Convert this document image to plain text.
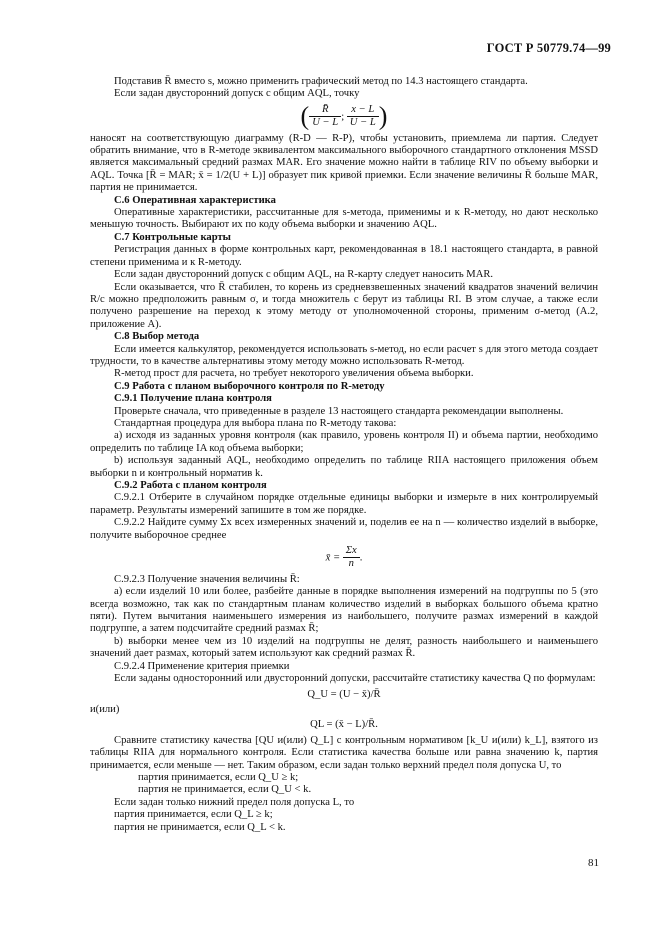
ГОСТ Р 50779.74—99

Подставив R̄ вместо s, можно применить графический метод по 14.3 настоящего стандарта.

Если задан двусторонний допуск с общим AQL, точку

( $\frac{R̄}{U - L}$ ; $\frac{x - L}{U - L}$ )

наносят на соответствующую диаграмму (R-D — R-P), чтобы установить, приемлема ли партия. Следует обратить внимание, что в R-методе эквивалентом максимального выборочного стандартного отклонения MSSD является максимальный средний размах MAR. Его значение можно найти в таблице RIV по объему выборки и AQL. Точка [R̄ = MAR; x̄ = 1/2(U + L)] образует пик кривой приемки. Если значение величины R̄ больше MAR, партия не принимается.

С.6 Оперативная характеристика

Оперативные характеристики, рассчитанные для s-метода, применимы и к R-методу, но дают несколько меньшую точность. Выбирают их по коду объема выборки и значению AQL.

С.7 Контрольные карты

Регистрация данных в форме контрольных карт, рекомендованная в 18.1 настоящего стандарта, в равной степени применима и к R-методу.

Если задан двусторонний допуск с общим AQL, на R-карту следует наносить MAR.

Если оказывается, что R̄ стабилен, то корень из средневзвешенных значений квадратов значений величин R/c можно предположить равным σ, и тогда множитель c берут из таблицы RI. В этом случае, а также если получено разрешение на переход к этому методу от уполномоченной стороны, применим σ-метод (А.2, приложение А).

С.8 Выбор метода

Если имеется калькулятор, рекомендуется использовать s-метод, но если расчет s для этого метода создает трудности, то в качестве альтернативы этому методу можно использовать R-метод.

R-метод прост для расчета, но требует некоторого увеличения объема выборки.

С.9 Работа с планом выборочного контроля по R-методу

С.9.1 Получение плана контроля

Проверьте сначала, что приведенные в разделе 13 настоящего стандарта рекомендации выполнены.

Стандартная процедура для выбора плана по R-методу такова:

а) исходя из заданных уровня контроля (как правило, уровень контроля II) и объема партии, необходимо определить по таблице IA код объема выборки;

b) используя заданный AQL, необходимо определить по таблице RIIA настоящего приложения объем выборки n и контрольный норматив k.

С.9.2 Работа с планом контроля

С.9.2.1 Отберите в случайном порядке отдельные единицы выборки и измерьте в них контролируемый параметр. Результаты измерений запишите в том же порядке.

С.9.2.2 Найдите сумму Σx всех измеренных значений и, поделив ее на n — количество изделий в выборке, получите выборочное среднее

x̄ = $\frac{\Sigma x}{n}$ .

С.9.2.3 Получение значения величины R̄:

а) если изделий 10 или более, разбейте данные в порядке выполнения измерений на подгруппы по 5 (это всегда возможно, так как по стандартным планам количество изделий в выборках большого объема кратно пяти). Путем вычитания наименьшего измерения из наибольшего, получите размах измерений в каждой подгруппе, а затем подсчитайте средний размах R̄;

b) выборки менее чем из 10 изделий на подгруппы не делят, разность наибольшего и наименьшего значений дает размах, который затем используют как средний размах R̄.

С.9.2.4 Применение критерия приемки

Если заданы односторонний или двусторонний допуски, рассчитайте статистику качества Q по формулам:

Q_U = (U − x̄)/R̄

и(или)

QL = (x̄ − L)/R̄.

Сравните статистику качества [QU и(или) Q_L] с контрольным нормативом [k_U и(или) k_L], взятого из таблицы RIIA для нормального контроля. Если статистика качества больше или равна значению k, партия принимается, если меньше — нет. Таким образом, если задан только верхний предел поля допуска U, то

партия принимается, если Q_U ≥ k;

партия не принимается, если Q_U < k.

Если задан только нижний предел поля допуска L, то

партия принимается, если Q_L ≥ k;

партия не принимается, если Q_L < k.

81
